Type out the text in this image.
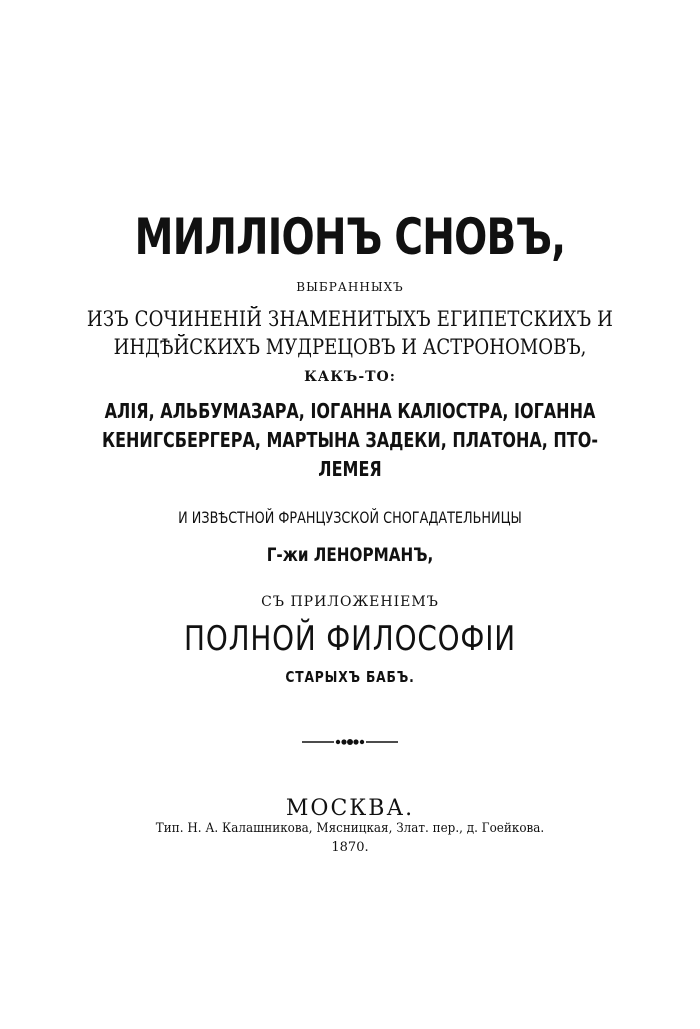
МИЛЛІОНЪ СНОВЪ,
ВЫБРАННЫХЪ
ИЗЪ СОЧИНЕНІЙ ЗНАМЕНИТЫХЪ ЕГИПЕТСКИХЪ И
ИНДѢЙСКИХЪ МУДРЕЦОВЪ И АСТРОНОМОВЪ,
КАКЪ-ТО:
АЛІЯ, АЛЬБУМАЗАРА, ІОГАННА КАЛІОСТРА, ІОГАННА
КЕНИГСБЕРГЕРА, МАРТЫНА ЗАДЕКИ, ПЛАТОНА, ПТО-
ЛЕМЕЯ
И ИЗВѢСТНОЙ ФРАНЦУЗСКОЙ СНОГАДАТЕЛЬНИЦЫ
Г-жи ЛЕНОРМАНЪ,
СЪ ПРИЛОЖЕНІЕМЪ
ПОЛНОЙ ФИЛОСОФІИ
СТАРЫХЪ БАБЪ.
МОСКВА.
Тип. Н. А. Калашникова, Мясницкая, Злат. пер., д. Гоeйкова.
1870.
